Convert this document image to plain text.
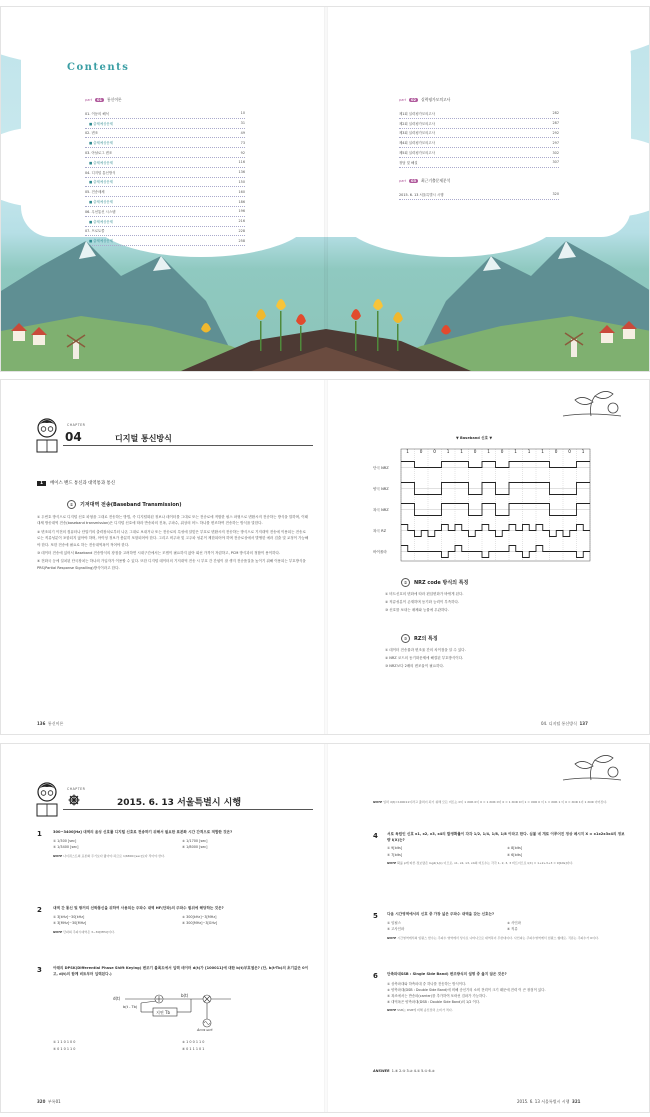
Contents
part	01	통신이론
01. 이동의 해석	10
■ 출제예상문제	31
02. 변조	49
■ 출제예상문제	73
03. 아날로그 변조	92
■ 출제예상문제	116
04. 디지털 통신방식	136
■ 출제예상문제	150
05. 전송매체	160
■ 출제예상문제	186
06. 무선통신 시스템	196
■ 출제예상문제	216
07. 프로토콜	228
■ 출제예상문제	258
part	02	실력평가모의고사
제1회 실력평가모의고사	282
제2회 실력평가모의고사	287
제3회 실력평가모의고사	292
제4회 실력평가모의고사	297
제5회 실력평가모의고사	302
정답 및 해설	307
part	03	최근기출문제분석
2015. 6. 13 서울특별시 시행	320
CHAPTER
04	디지털 통신방식
1 베이스 밴드 통신과 대역통과 통신
①	기저대역 전송(Baseband Transmission)

① 두번호 방식으로 디지털 신호 파형을 그대로 전송하는 방법, 즉 디지털화된 정보나 데이터를 그대로 또는 전송로에 적합한 펄스 파형으로 변환시켜 전송하는 방식을 말하며, 이때 대체 방송대역 전송(baseband transmission)은 디지털 신호에 따라 반송파의 진폭, 주파수, 위상의 어느 하나를 변조하여 전송하는 방식을 말한다.

② 변조되기 이전의 컴퓨터나 단말기의 출력장치로부터 나온 그대로 보내거나 또는 전송로의 특성에 알맞은 부호로 변환시켜 전송하는 방식으로 기저대역 전송에 이용되는 전송로로는 직류성분이 포함되지 않아야 하며, 아이엉 정보가 충분히 포함되어야 한다. 그리고 비주파 및 고주파 성분이 제한되어야 하며 전송로상에서 발생한 에러 검출 및 교정이 가능해야 한다. 또한 전송에 필요로 하는 전송대역폭이 적어야 한다.

③ 데이터 전송에 있어서 Baseband 전송방식의 장점을 고려하면 시내구간에서는 모뎀이 필요하지 않아 회선 가격이 저렴하고, PCM 방식과의 정합이 용이하다.

④ 전화국 등에 설치된 단국장치는 하나의 가입자가 이용할 수 있다. 또한 디지털 데이터의 기저대역 전송 시 부호 간 간섭이 잘 생겨 전송품질을 높이기 위해 이용되는 부호방식을 PRS(Partial Response Signalling)방식이라고 한다.

136 통신이론
▼ Baseband 신호 ▼
1	0	0	1	1	0	1	0	1	1	1	0	0	1
단극 NRZ
양극 NRZ
복극 NRZ
복극 RZ
바이폴라
②	NRZ code 방식의 특징
① 비트신호의 변화에 따라 편압변화가 바뀌게 된다.
② 직류성분이 존재하며 동기화 능력이 부족하다.
③ 신호를 보내는 매체와 능률에 무관하다.
③	RZ의 특징
① 데이터 전송률과 변조율 간의 차이점을 알 수 있다.
② NRZ 코드의 동기화문제에 해결된 부호방식이다.
③ NRZ보다 2배의 변조율이 필요하다.
04. 디지털 통신방식 137
CHAPTER
2015. 6. 13 서울특별시 시행
1	300~3400[Hz] 대역의 음성 신호를 디지털 신호로 전송하기 위해서 필요한 표본화 시간 간격으로 적합한 것은?
① 1/300 [sec]	② 1/1700 [sec]
③ 1/3400 [sec]	④ 1/8000 [sec]
NOTE 나이퀴스트의 표본화 주기보다 짧아야 하므로 1/6800 [sec]보다 작아야 한다.
2	대역 간 통신 및 방거리 선박통신을 위하여 사용되는 주파수 대역 HF(단파)의 주파수 범위에 해당하는 것은?
① 3[kHz]~30[kHz]	② 300[kHz]~3[MHz]
③ 3[MHz]~30[MHz]	④ 300[MHz]~3[GHz]
NOTE 단파의 주파수대역은 3~30[MHz]이다.
3	아래의 DPSK(Differential Phase Shift Keying) 변조기 블록도에서 입력 데이터 d(t)가 [100011]에 대한 b(t)부호열은? (단, b(t-Tb)의 초기값은 0이고, d(t)의 함께 비트부터 입력된다.)
d(t)
b(t)
지연 Tb
b(t - Tb)
Acos ωct
① 1 1 0 1 0 0	② 1 0 0 1 1 0
③ 0 1 0 1 1 0	④ 0 1 1 1 0 1
320 부록01
NOTE 입력 d(t)=100011이라고 출력이 되기 위해 모든 비트는 0이 1 XOR 0이 0 = 1 XOR 0이 0 = 1 XOR 0이 1 = XOR 0 이 1 = XOR 1 이 0 = XOR 1이 1 XOR 이어진다.
4	서로 독립인 신호 x1, x2, x3, x4의 발생확률이 각각 1/2, 1/4, 1/8, 1/8 이라고 한다. 심볼 네 개로 이루어진 정상 메시지 X = x1x2x3x4의 정보량 I(X)는?
① 9[bits]	② 8[bits]
③ 7[bits]	④ 6[bits]
NOTE 확률 p에 따른 정보량은 log2(1/p) 이므로, x1, x2, x3, x4의 비트수는 각각 1, 2, 3, 3 비트이므로 I(X) = 1+2+3+3 = 9[bits]이다.
5	다음 시간영역에서의 신호 중 가장 넓은 주파수 대역을 갖는 신호는?
① 임펄스	② 사인파
③ 고사인파	④ 직류
NOTE 시간영역에서의 임펄스 함수는 주파수 영역에서 상수로 나타나므로 대역폭이 무한대이다. 사인파는 주파수영역에서 임펄스 형태로, 직류는 주파수가 0이다.
6	단측파대SSB : Single Side Band) 변조방식의 설명 중 옳지 않은 것은?
① 상측파대와 하측파대 중 하나를 전송하는 방식이다.
② 양측파대(DSB : Double Side Band)에 비해 송신기의 소비 전력이 크기 때문에 전력 이 큰 장점이 있다.
③ 복조에서는 반송파(carrier)를 추가하여 포락선 검파가 가능하다.
④ 대역폭은 양측파대(DSB : Double Side Band)의 1/2 이다.
NOTE SSB는 DSB에 비해 송신전력 소비가 적다.
ANSWER 1.④ 2.③ 3.② 4.① 5.① 6.②
2015. 6. 13 서울특별시 시행 321
